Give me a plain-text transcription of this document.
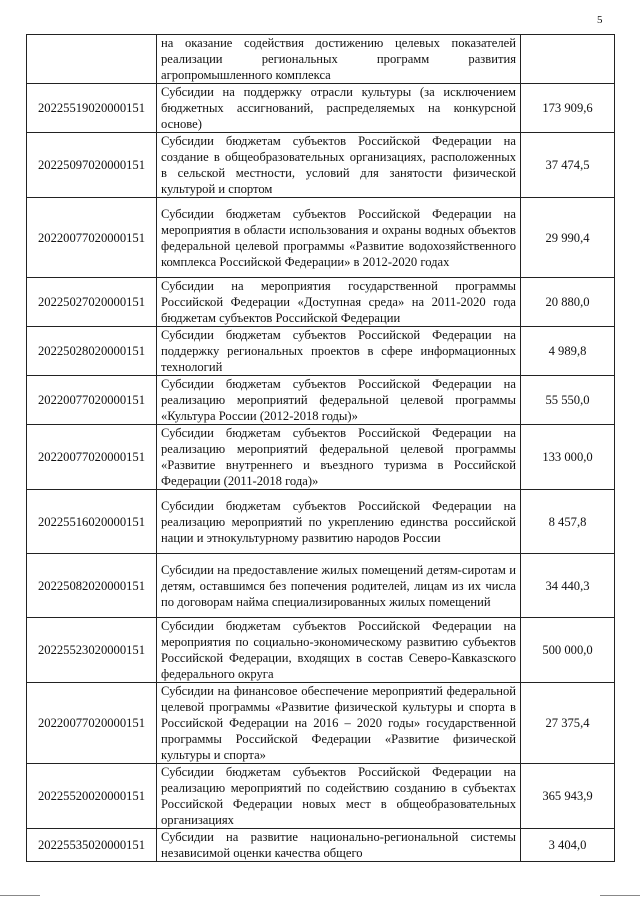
5
	на оказание содействия достижению целевых показателей реализации региональных программ развития агропромышленного комплекса	
20225519020000151	Субсидии на поддержку отрасли культуры (за исключением бюджетных ассигнований, распределяемых на конкурсной основе)	173 909,6
20225097020000151	Субсидии бюджетам субъектов Российской Федерации на создание в общеобразовательных организациях, расположенных в сельской местности, условий для занятости физической культурой и спортом	37 474,5
20220077020000151	Субсидии бюджетам субъектов Российской Федерации на мероприятия в области использования и охраны водных объектов федеральной целевой программы «Развитие водохозяйственного комплекса Российской Федерации» в 2012-2020 годах	29 990,4
20225027020000151	Субсидии на мероприятия государственной программы Российской Федерации «Доступная среда» на 2011-2020 года бюджетам субъектов Российской Федерации	20 880,0
20225028020000151	Субсидии бюджетам субъектов Российской Федерации на поддержку региональных проектов в сфере информационных технологий	4 989,8
20220077020000151	Субсидии бюджетам субъектов Российской Федерации на реализацию мероприятий федеральной целевой программы «Культура России (2012-2018 годы)»	55 550,0
20220077020000151	Субсидии бюджетам субъектов Российской Федерации на реализацию мероприятий федеральной целевой программы «Развитие внутреннего и въездного туризма в Российской Федерации (2011-2018 года)»	133 000,0
20225516020000151	Субсидии бюджетам субъектов Российской Федерации на реализацию мероприятий по укреплению единства российской нации и этнокультурному развитию народов России	8 457,8
20225082020000151	Субсидии на предоставление жилых помещений детям-сиротам и детям, оставшимся без попечения родителей, лицам из их числа по договорам найма специализированных жилых помещений	34 440,3
20225523020000151	Субсидии бюджетам субъектов Российской Федерации на мероприятия по социально-экономическому развитию субъектов Российской Федерации, входящих в состав Северо-Кавказского федерального округа	500 000,0
20220077020000151	Субсидии на финансовое обеспечение мероприятий федеральной целевой программы «Развитие физической культуры и спорта в Российской Федерации на 2016 – 2020 годы» государственной программы Российской Федерации «Развитие физической культуры и спорта»	27 375,4
20225520020000151	Субсидии бюджетам субъектов Российской Федерации на реализацию мероприятий по содействию созданию в субъектах Российской Федерации новых мест в общеобразовательных организациях	365 943,9
20225535020000151	Субсидии на развитие национально-региональной системы независимой оценки качества общего	3 404,0
